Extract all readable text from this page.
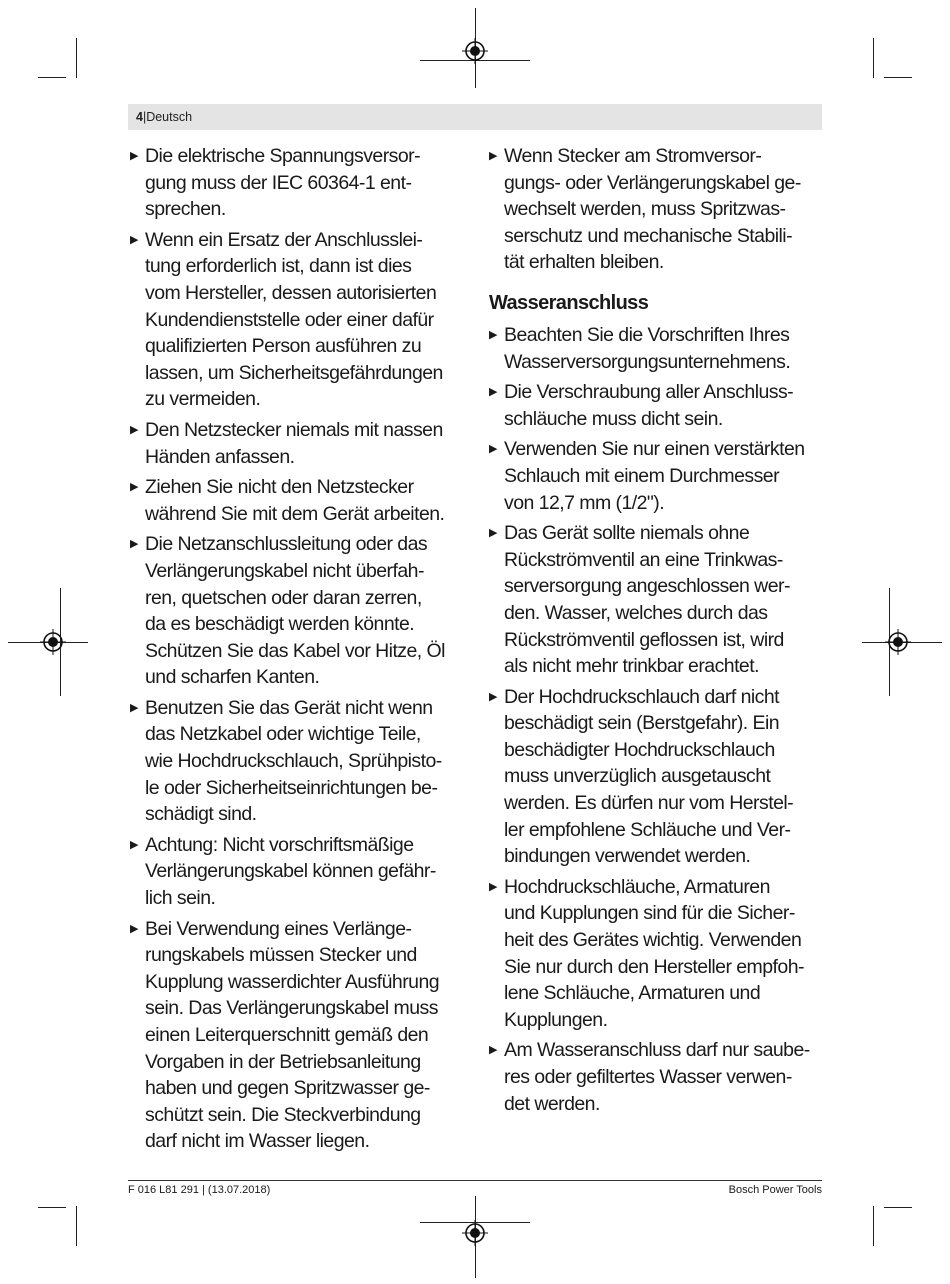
4|Deutsch
▶ Die elektrische Spannungsversor-
gung muss der IEC 60364-1 ent-
sprechen.
▶ Wenn ein Ersatz der Anschlusslei-
tung erforderlich ist, dann ist dies
vom Hersteller, dessen autorisierten
Kundendienststelle oder einer dafür
qualifizierten Person ausführen zu
lassen, um Sicherheitsgefährdungen
zu vermeiden.
▶ Den Netzstecker niemals mit nassen
Händen anfassen.
▶ Ziehen Sie nicht den Netzstecker
während Sie mit dem Gerät arbeiten.
▶ Die Netzanschlussleitung oder das
Verlängerungskabel nicht überfah-
ren, quetschen oder daran zerren,
da es beschädigt werden könnte.
Schützen Sie das Kabel vor Hitze, Öl
und scharfen Kanten.
▶ Benutzen Sie das Gerät nicht wenn
das Netzkabel oder wichtige Teile,
wie Hochdruckschlauch, Sprühpisto-
le oder Sicherheitseinrichtungen be-
schädigt sind.
▶ Achtung: Nicht vorschriftsmäßige
Verlängerungskabel können gefähr-
lich sein.
▶ Bei Verwendung eines Verlänge-
rungskabels müssen Stecker und
Kupplung wasserdichter Ausführung
sein. Das Verlängerungskabel muss
einen Leiterquerschnitt gemäß den
Vorgaben in der Betriebsanleitung
haben und gegen Spritzwasser ge-
schützt sein. Die Steckverbindung
darf nicht im Wasser liegen.
▶ Wenn Stecker am Stromversor-
gungs- oder Verlängerungskabel ge-
wechselt werden, muss Spritzwas-
serschutz und mechanische Stabili-
tät erhalten bleiben.
Wasseranschluss
▶ Beachten Sie die Vorschriften Ihres
Wasserversorgungsunternehmens.
▶ Die Verschraubung aller Anschluss-
schläuche muss dicht sein.
▶ Verwenden Sie nur einen verstärkten
Schlauch mit einem Durchmesser
von 12,7 mm (1/2").
▶ Das Gerät sollte niemals ohne
Rückströmventil an eine Trinkwas-
serversorgung angeschlossen wer-
den. Wasser, welches durch das
Rückströmventil geflossen ist, wird
als nicht mehr trinkbar erachtet.
▶ Der Hochdruckschlauch darf nicht
beschädigt sein (Berstgefahr). Ein
beschädigter Hochdruckschlauch
muss unverzüglich ausgetauscht
werden. Es dürfen nur vom Herstel-
ler empfohlene Schläuche und Ver-
bindungen verwendet werden.
▶ Hochdruckschläuche, Armaturen
und Kupplungen sind für die Sicher-
heit des Gerätes wichtig. Verwenden
Sie nur durch den Hersteller empfoh-
lene Schläuche, Armaturen und
Kupplungen.
▶ Am Wasseranschluss darf nur saube-
res oder gefiltertes Wasser verwen-
det werden.
F 016 L81 291 | (13.07.2018)	Bosch Power Tools
